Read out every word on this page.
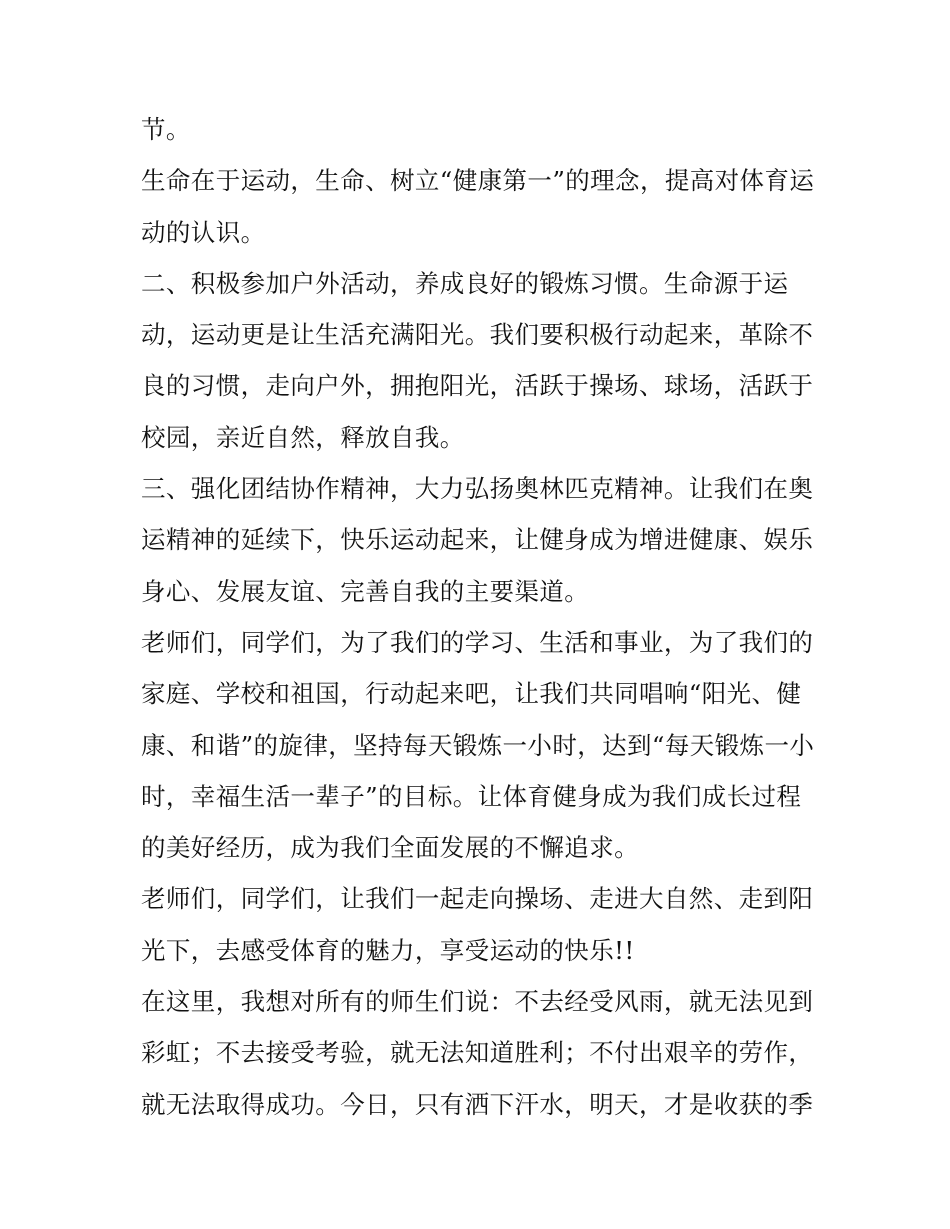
节。
生命在于运动，生命、树立“健康第一”的理念，提高对体育运
动的认识。
二、积极参加户外活动，养成良好的锻炼习惯。生命源于运
动，运动更是让生活充满阳光。我们要积极行动起来，革除不
良的习惯，走向户外，拥抱阳光，活跃于操场、球场，活跃于
校园，亲近自然，释放自我。
三、强化团结协作精神，大力弘扬奥林匹克精神。让我们在奥
运精神的延续下，快乐运动起来，让健身成为增进健康、娱乐
身心、发展友谊、完善自我的主要渠道。
老师们，同学们，为了我们的学习、生活和事业，为了我们的
家庭、学校和祖国，行动起来吧，让我们共同唱响“阳光、健
康、和谐”的旋律，坚持每天锻炼一小时，达到“每天锻炼一小
时，幸福生活一辈子”的目标。让体育健身成为我们成长过程
的美好经历，成为我们全面发展的不懈追求。
老师们，同学们，让我们一起走向操场、走进大自然、走到阳
光下，去感受体育的魅力，享受运动的快乐!!
在这里，我想对所有的师生们说：不去经受风雨，就无法见到
彩虹；不去接受考验，就无法知道胜利；不付出艰辛的劳作，
就无法取得成功。今日，只有洒下汗水，明天，才是收获的季
